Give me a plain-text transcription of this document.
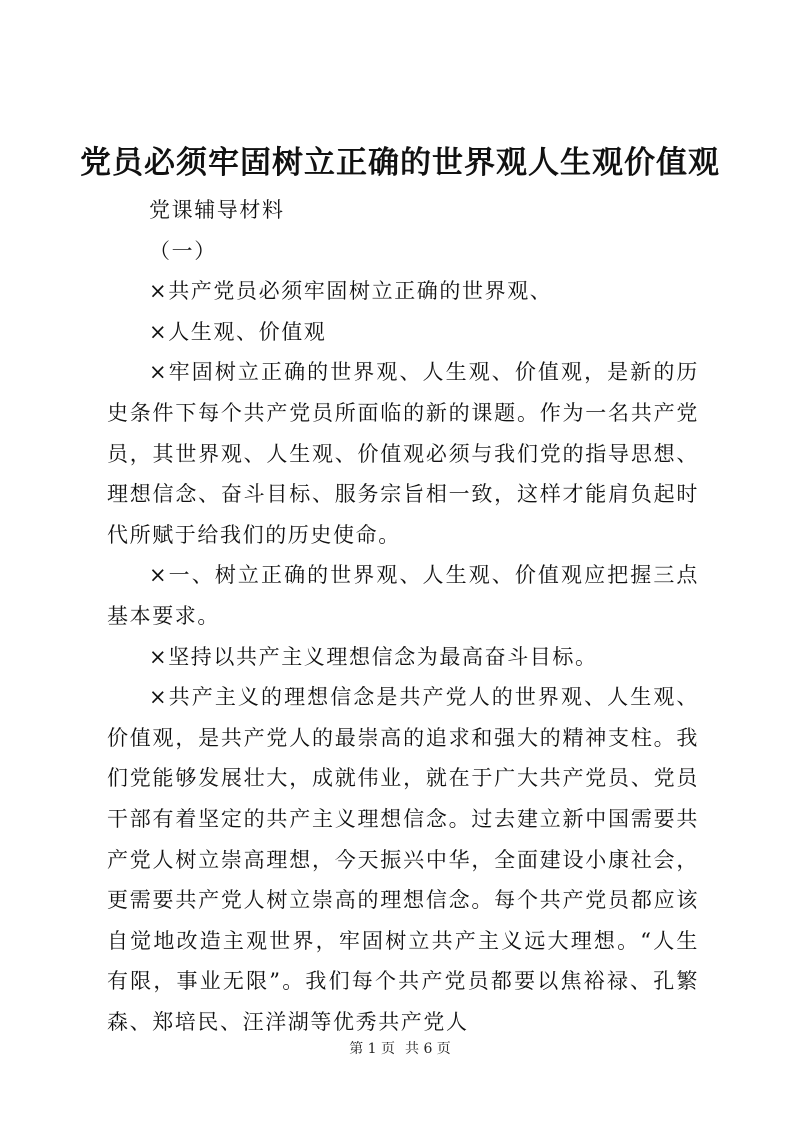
党员必须牢固树立正确的世界观人生观价值观

党课辅导材料

（一）

×共产党员必须牢固树立正确的世界观、

×人生观、价值观

×牢固树立正确的世界观、人生观、价值观，是新的历史条件下每个共产党员所面临的新的课题。作为一名共产党员，其世界观、人生观、价值观必须与我们党的指导思想、理想信念、奋斗目标、服务宗旨相一致，这样才能肩负起时代所赋于给我们的历史使命。

×一、树立正确的世界观、人生观、价值观应把握三点基本要求。

×坚持以共产主义理想信念为最高奋斗目标。

×共产主义的理想信念是共产党人的世界观、人生观、价值观，是共产党人的最崇高的追求和强大的精神支柱。我们党能够发展壮大，成就伟业，就在于广大共产党员、党员干部有着坚定的共产主义理想信念。过去建立新中国需要共产党人树立崇高理想，今天振兴中华，全面建设小康社会，更需要共产党人树立崇高的理想信念。每个共产党员都应该自觉地改造主观世界，牢固树立共产主义远大理想。“人生有限，事业无限”。我们每个共产党员都要以焦裕禄、孔繁森、郑培民、汪洋湖等优秀共产党人

第 1 页 共 6 页
